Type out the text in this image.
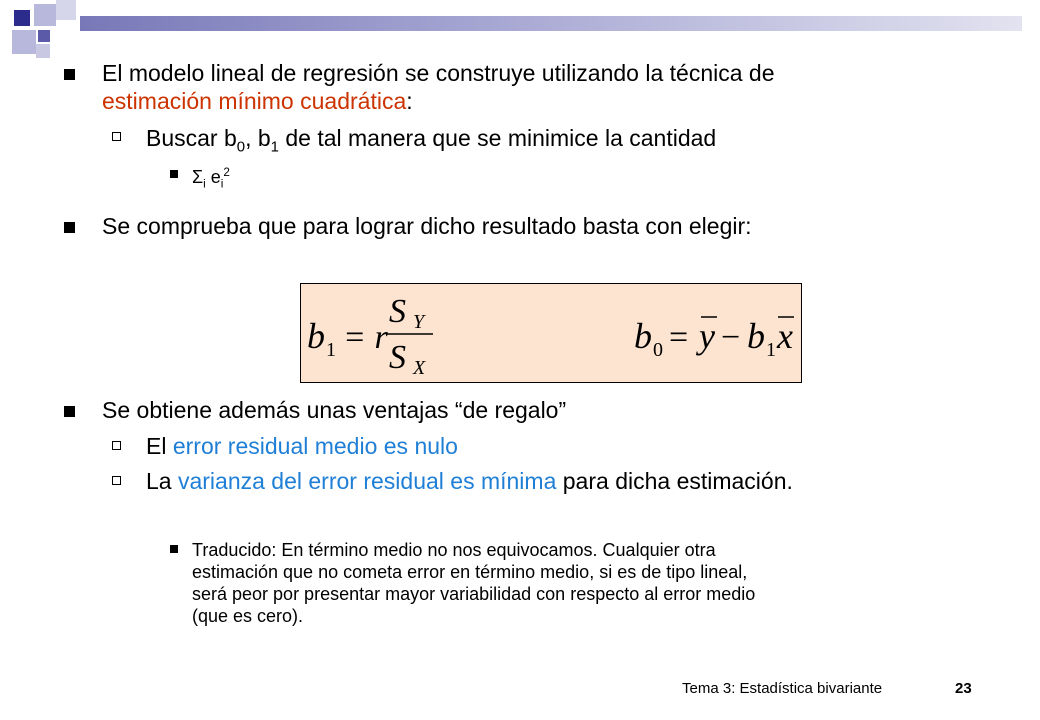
El modelo lineal de regresión se construye utilizando la técnica de
estimación mínimo cuadrática:
Buscar $b_0$, $b_1$ de tal manera que se minimice la cantidad
$\Sigma_i$ $e_i^2$
Se comprueba que para lograr dicho resultado basta con elegir:
b 1 = r
S Y
S X
b 0 = y − b 1 x
Se obtiene además unas ventajas “de regalo”
El error residual medio es nulo
La varianza del error residual es mínima para dicha estimación.
Traducido: En término medio no nos equivocamos. Cualquier otra
estimación que no cometa error en término medio, si es de tipo lineal,
será peor por presentar mayor variabilidad con respecto al error medio
(que es cero).
Tema 3: Estadística bivariante	23
